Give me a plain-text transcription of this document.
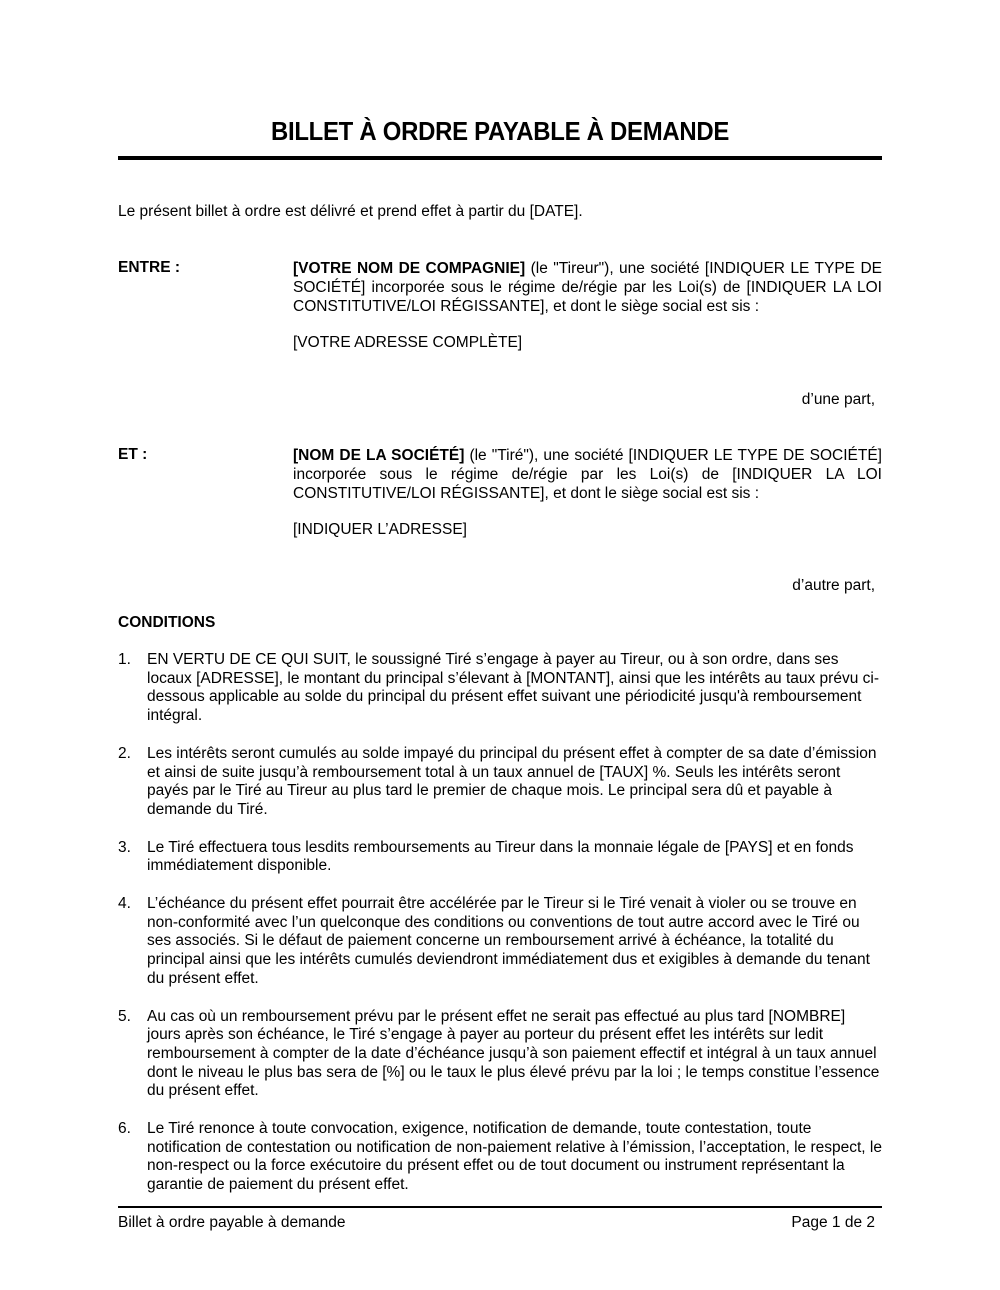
BILLET À ORDRE PAYABLE À DEMANDE
Le présent billet à ordre est délivré et prend effet à partir du [DATE].
ENTRE :	[VOTRE NOM DE COMPAGNIE] (le "Tireur"), une société [INDIQUER LE TYPE DE SOCIÉTÉ] incorporée sous le régime de/régie par les Loi(s) de [INDIQUER LA LOI CONSTITUTIVE/LOI RÉGISSANTE], et dont le siège social est sis :
[VOTRE ADRESSE COMPLÈTE]
d’une part,
ET :	[NOM DE LA SOCIÉTÉ] (le "Tiré"), une société [INDIQUER LE TYPE DE SOCIÉTÉ] incorporée sous le régime de/régie par les Loi(s) de [INDIQUER LA LOI CONSTITUTIVE/LOI RÉGISSANTE], et dont le siège social est sis :
[INDIQUER L’ADRESSE]
d’autre part,
CONDITIONS
1. EN VERTU DE CE QUI SUIT, le soussigné Tiré s’engage à payer au Tireur, ou à son ordre, dans ses locaux [ADRESSE], le montant du principal s’élevant à [MONTANT], ainsi que les intérêts au taux prévu ci-dessous applicable au solde du principal du présent effet suivant une périodicité jusqu'à remboursement intégral.
2. Les intérêts seront cumulés au solde impayé du principal du présent effet à compter de sa date d’émission et ainsi de suite jusqu’à remboursement total à un taux annuel de [TAUX] %. Seuls les intérêts seront payés par le Tiré au Tireur au plus tard le premier de chaque mois. Le principal sera dû et payable à demande du Tiré.
3. Le Tiré effectuera tous lesdits remboursements au Tireur dans la monnaie légale de [PAYS] et en fonds immédiatement disponible.
4. L’échéance du présent effet pourrait être accélérée par le Tireur si le Tiré venait à violer ou se trouve en non-conformité avec l’un quelconque des conditions ou conventions de tout autre accord avec le Tiré ou ses associés. Si le défaut de paiement concerne un remboursement arrivé à échéance, la totalité du principal ainsi que les intérêts cumulés deviendront immédiatement dus et exigibles à demande du tenant du présent effet.
5. Au cas où un remboursement prévu par le présent effet ne serait pas effectué au plus tard [NOMBRE] jours après son échéance, le Tiré s’engage à payer au porteur du présent effet les intérêts sur ledit remboursement à compter de la date d’échéance jusqu’à son paiement effectif et intégral à un taux annuel dont le niveau le plus bas sera de [%] ou le taux le plus élevé prévu par la loi ; le temps constitue l’essence du présent effet.
6. Le Tiré renonce à toute convocation, exigence, notification de demande, toute contestation, toute notification de contestation ou notification de non-paiement relative à l’émission, l’acceptation, le respect, le non-respect ou la force exécutoire du présent effet ou de tout document ou instrument représentant la garantie de paiement du présent effet.
Billet à ordre payable à demande	Page 1 de 2
